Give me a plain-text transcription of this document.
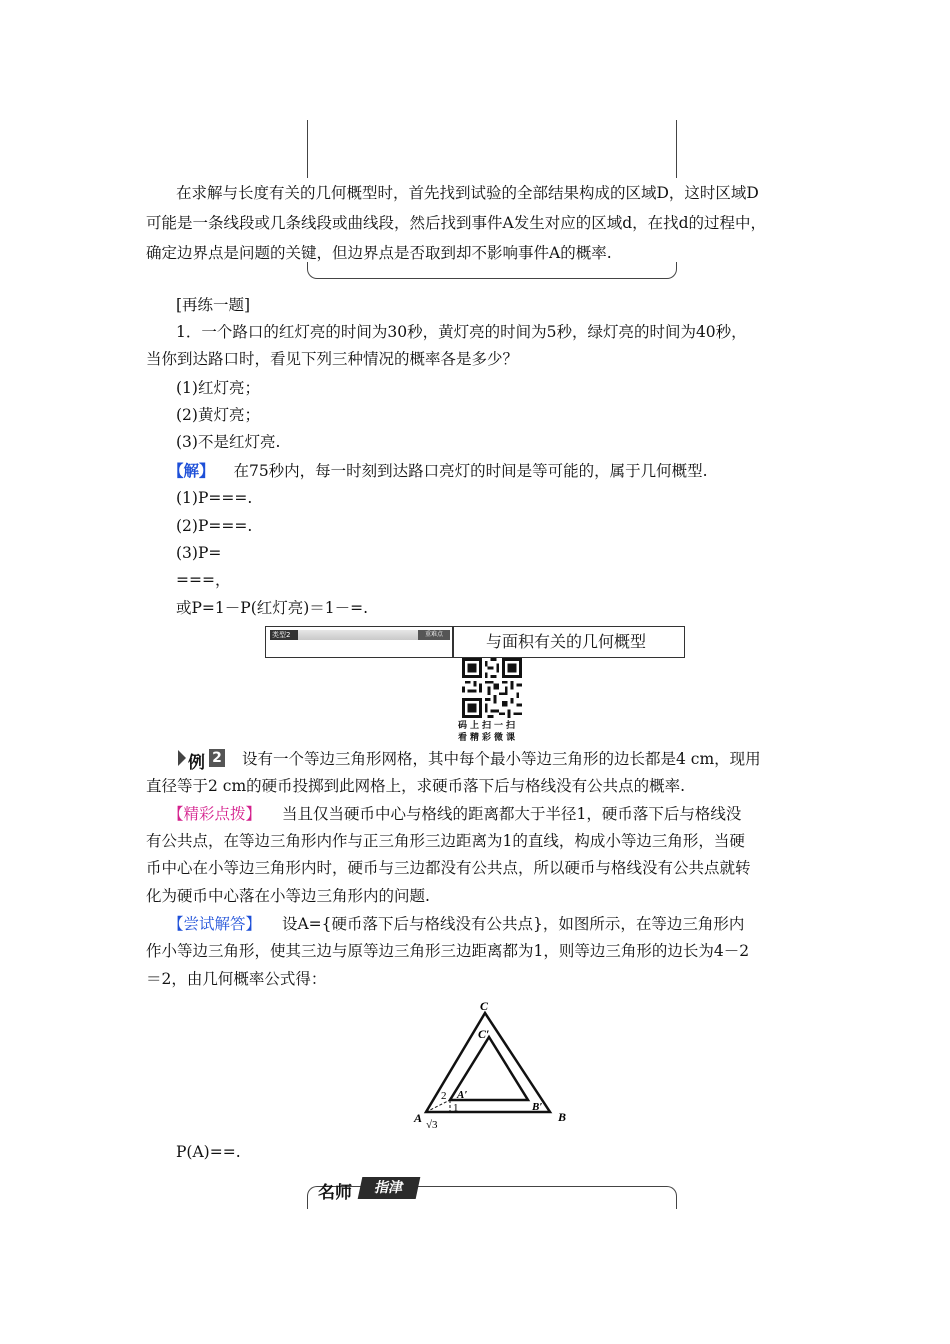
在求解与长度有关的几何概型时，首先找到试验的全部结果构成的区域D，这时区域D
可能是一条线段或几条线段或曲线段，然后找到事件A发生对应的区域d，在找d的过程中，
确定边界点是问题的关键，但边界点是否取到却不影响事件A的概率.
[再练一题]
1．一个路口的红灯亮的时间为30秒，黄灯亮的时间为5秒，绿灯亮的时间为40秒，
当你到达路口时，看见下列三种情况的概率各是多少？
(1)红灯亮；
(2)黄灯亮；
(3)不是红灯亮.
【解】 在75秒内，每一时刻到达路口亮灯的时间是等可能的，属于几何概型.
(1)P===.
(2)P===.
(3)P=
===，
或P=1－P(红灯亮)＝1－=.
类型2	重难点	与面积有关的几何概型
码上扫一扫
看精彩微课
例 2 设有一个等边三角形网格，其中每个最小等边三角形的边长都是4 cm，现用
直径等于2 cm的硬币投掷到此网格上，求硬币落下后与格线没有公共点的概率.
【精彩点拨】 当且仅当硬币中心与格线的距离都大于半径1，硬币落下后与格线没
有公共点，在等边三角形内作与正三角形三边距离为1的直线，构成小等边三角形，当硬
币中心在小等边三角形内时，硬币与三边都没有公共点，所以硬币与格线没有公共点就转
化为硬币中心落在小等边三角形内的问题.
【尝试解答】 设A={硬币落下后与格线没有公共点}，如图所示，在等边三角形内
作小等边三角形，使其三边与原等边三角形三边距离都为1，则等边三角形的边长为4－2
＝2，由几何概率公式得：
C
C′
A
A′
B
B′
2
1
√3
P(A)==.
名师	指津
